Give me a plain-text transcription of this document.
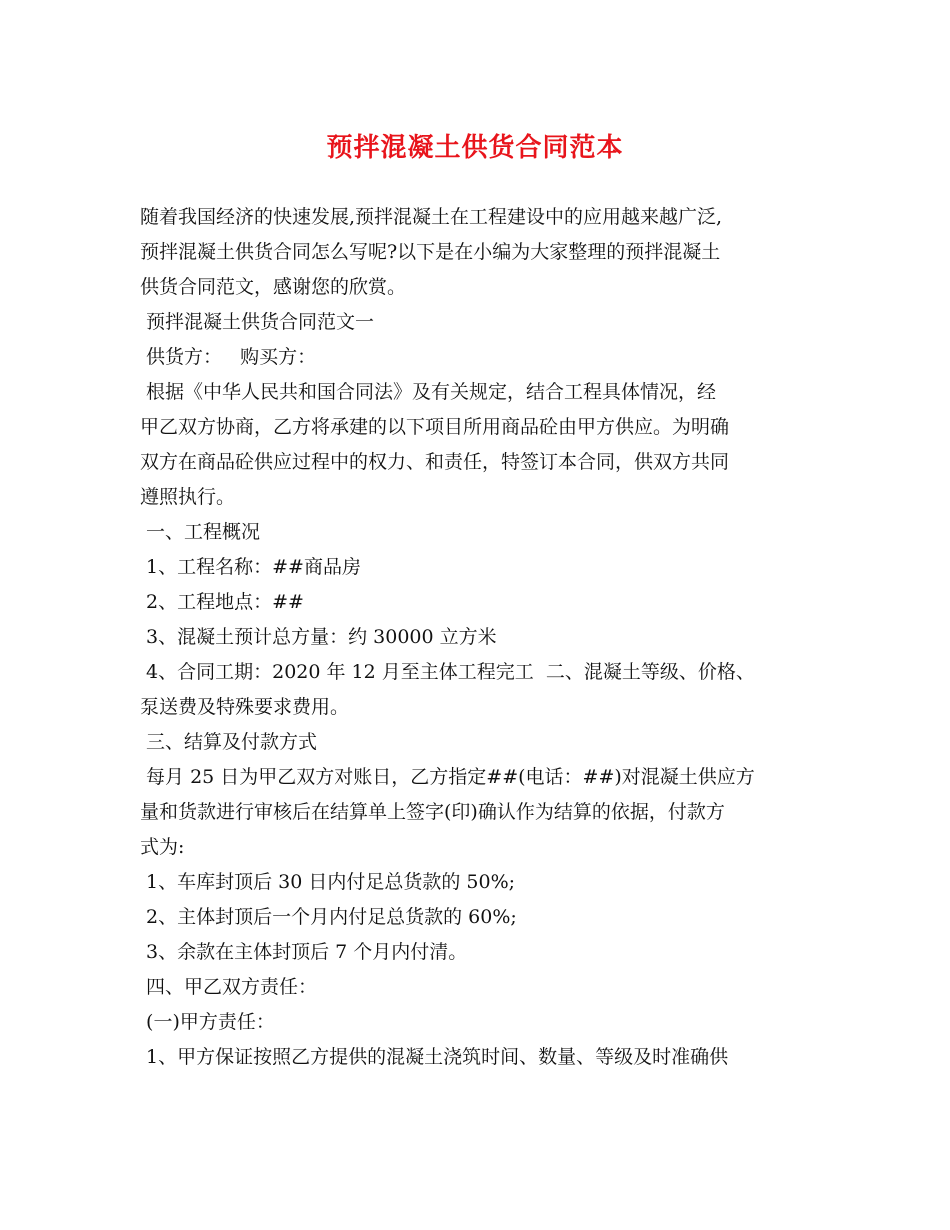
预拌混凝土供货合同范本
随着我国经济的快速发展,预拌混凝土在工程建设中的应用越来越广泛,
预拌混凝土供货合同怎么写呢?以下是在小编为大家整理的预拌混凝土
供货合同范文，感谢您的欣赏。
预拌混凝土供货合同范文一
供货方：   购买方：
根据《中华人民共和国合同法》及有关规定，结合工程具体情况，经
甲乙双方协商，乙方将承建的以下项目所用商品砼由甲方供应。为明确
双方在商品砼供应过程中的权力、和责任，特签订本合同，供双方共同
遵照执行。
一、工程概况
1、工程名称：##商品房
2、工程地点：##
3、混凝土预计总方量：约 30000 立方米
4、合同工期：2020 年 12 月至主体工程完工  二、混凝土等级、价格、
泵送费及特殊要求费用。
三、结算及付款方式
每月 25 日为甲乙双方对账日，乙方指定##(电话：##)对混凝土供应方
量和货款进行审核后在结算单上签字(印)确认作为结算的依据，付款方
式为:
1、车库封顶后 30 日内付足总货款的 50%;
2、主体封顶后一个月内付足总货款的 60%;
3、余款在主体封顶后 7 个月内付清。
四、甲乙双方责任：
(一)甲方责任：
1、甲方保证按照乙方提供的混凝土浇筑时间、数量、等级及时准确供
